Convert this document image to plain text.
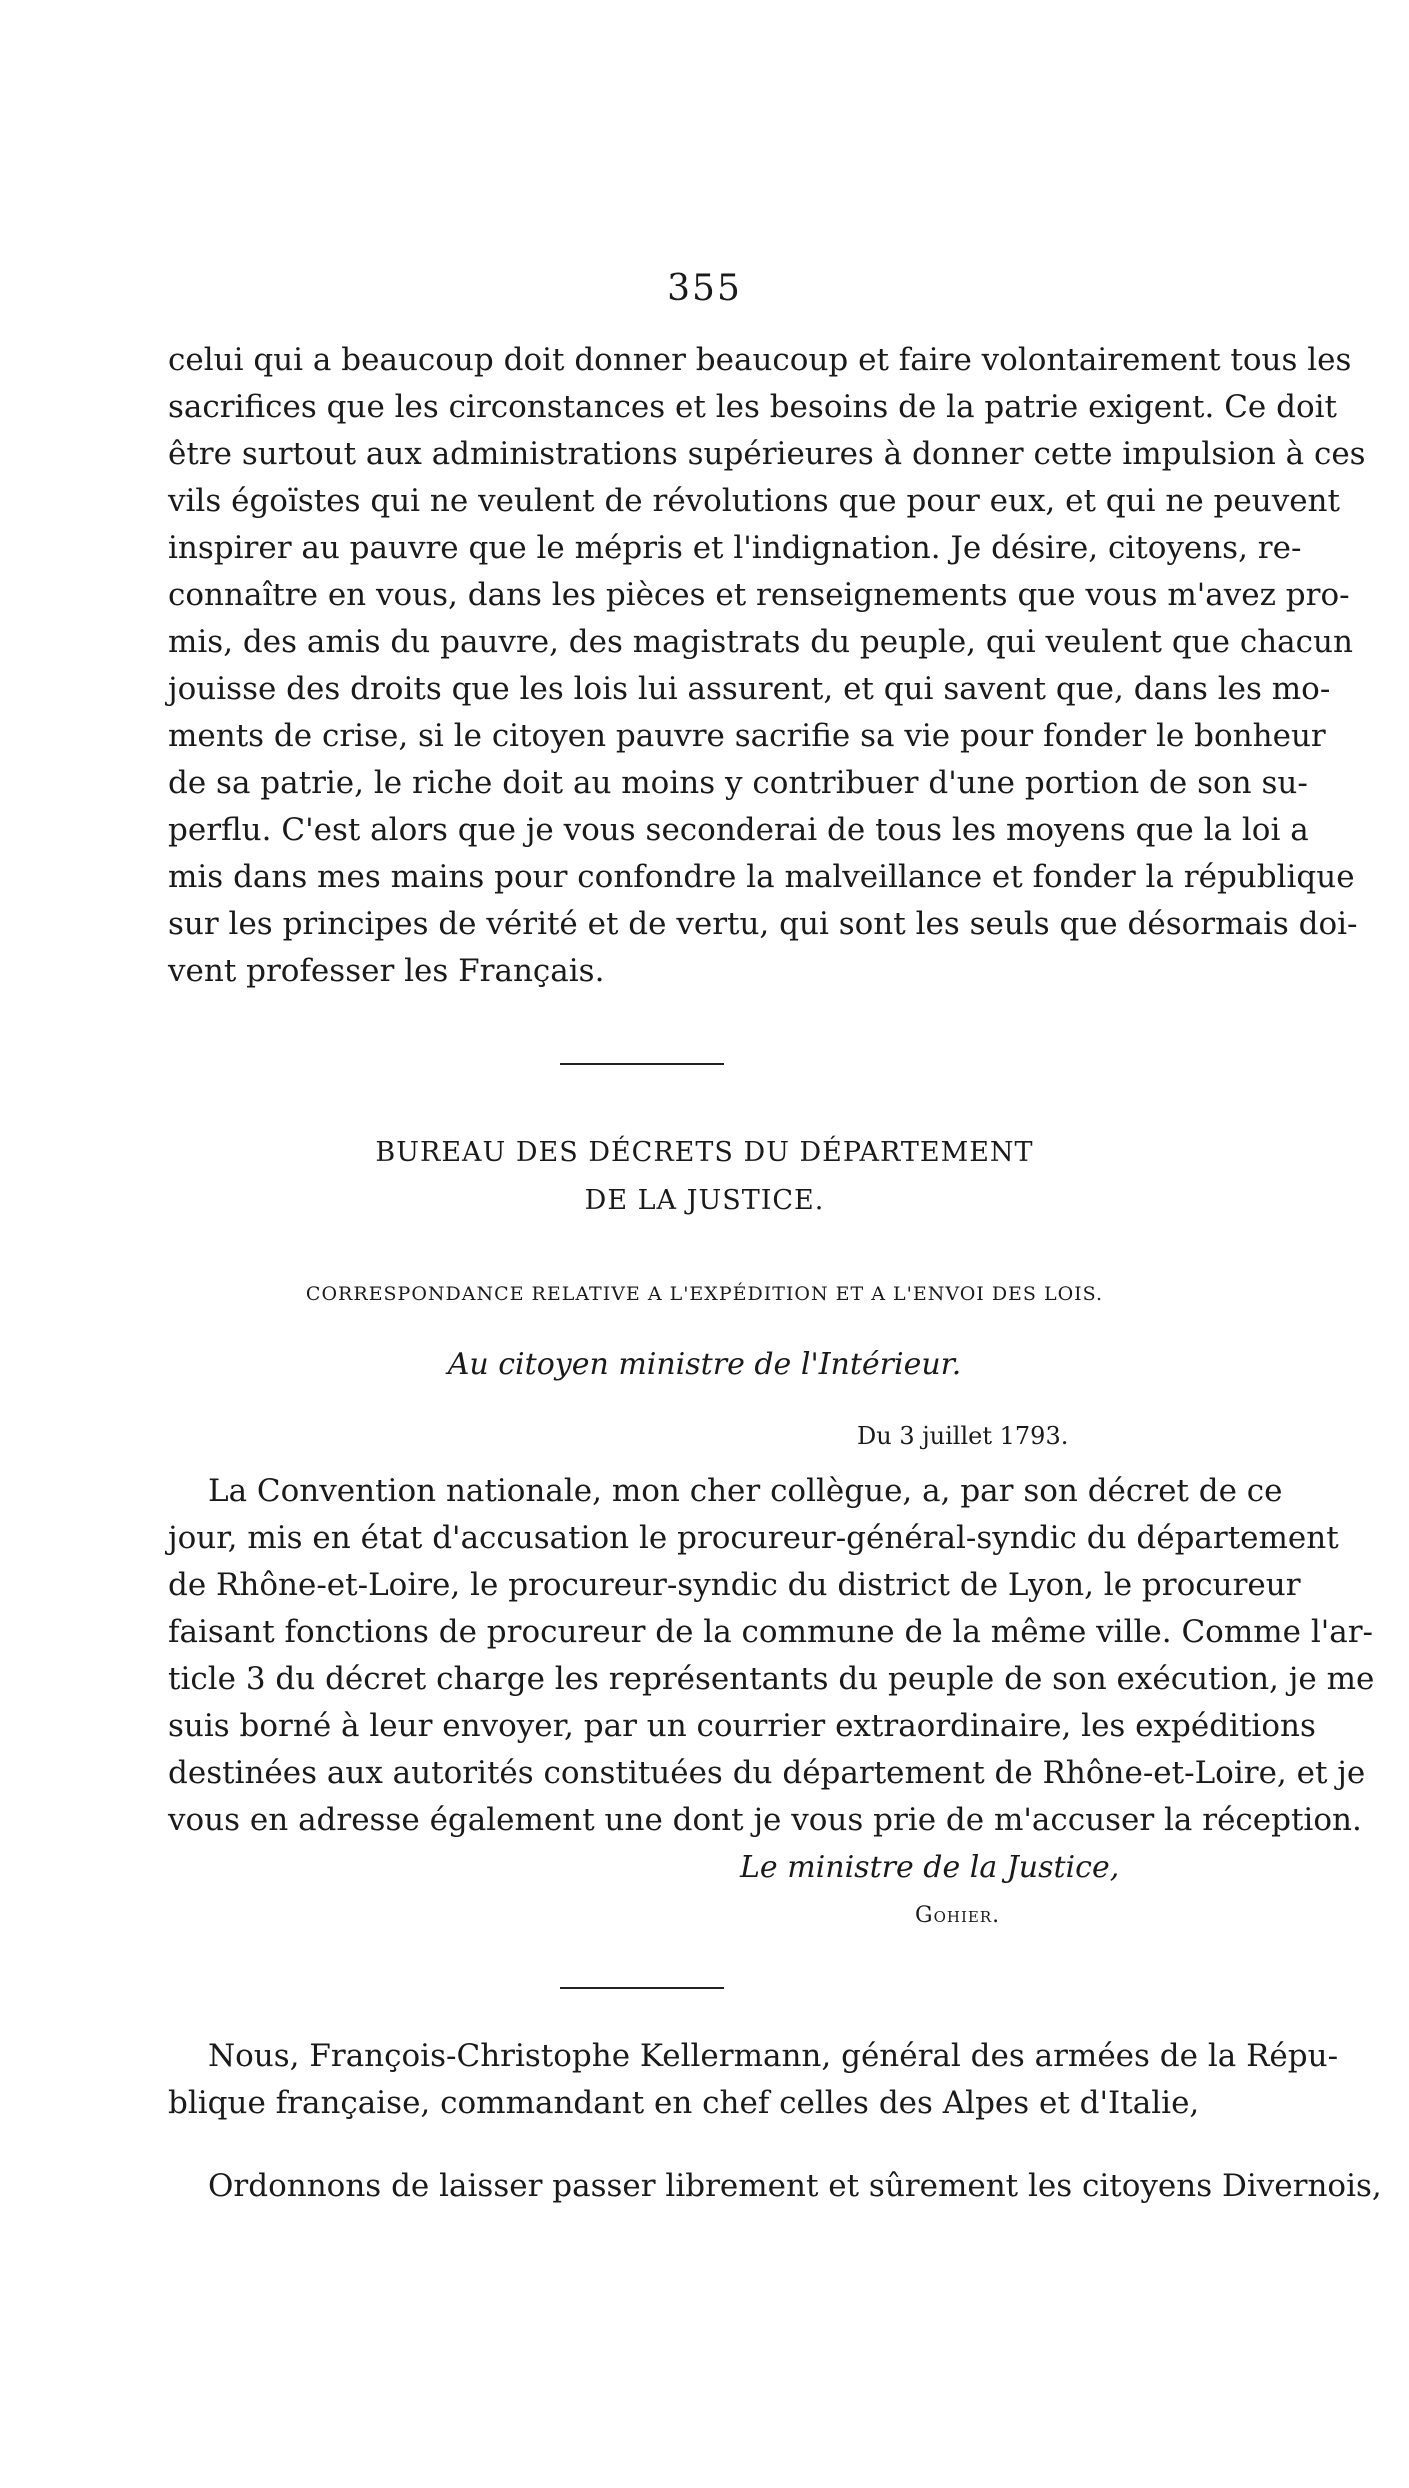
355
celui qui a beaucoup doit donner beaucoup et faire volontairement tous les
sacrifices que les circonstances et les besoins de la patrie exigent. Ce doit
être surtout aux administrations supérieures à donner cette impulsion à ces
vils égoïstes qui ne veulent de révolutions que pour eux, et qui ne peuvent
inspirer au pauvre que le mépris et l'indignation. Je désire, citoyens, re-
connaître en vous, dans les pièces et renseignements que vous m'avez pro-
mis, des amis du pauvre, des magistrats du peuple, qui veulent que chacun
jouisse des droits que les lois lui assurent, et qui savent que, dans les mo-
ments de crise, si le citoyen pauvre sacrifie sa vie pour fonder le bonheur
de sa patrie, le riche doit au moins y contribuer d'une portion de son su-
perflu. C'est alors que je vous seconderai de tous les moyens que la loi a
mis dans mes mains pour confondre la malveillance et fonder la république
sur les principes de vérité et de vertu, qui sont les seuls que désormais doi-
vent professer les Français.
BUREAU DES DÉCRETS DU DÉPARTEMENT
DE LA JUSTICE.
CORRESPONDANCE RELATIVE A L'EXPÉDITION ET A L'ENVOI DES LOIS.
Au citoyen ministre de l'Intérieur.
Du 3 juillet 1793.
La Convention nationale, mon cher collègue, a, par son décret de ce
jour, mis en état d'accusation le procureur-général-syndic du département
de Rhône-et-Loire, le procureur-syndic du district de Lyon, le procureur
faisant fonctions de procureur de la commune de la même ville. Comme l'ar-
ticle 3 du décret charge les représentants du peuple de son exécution, je me
suis borné à leur envoyer, par un courrier extraordinaire, les expéditions
destinées aux autorités constituées du département de Rhône-et-Loire, et je
vous en adresse également une dont je vous prie de m'accuser la réception.
Le ministre de la Justice,
Gohier.
Nous, François-Christophe Kellermann, général des armées de la Répu-
blique française, commandant en chef celles des Alpes et d'Italie,
Ordonnons de laisser passer librement et sûrement les citoyens Divernois,
